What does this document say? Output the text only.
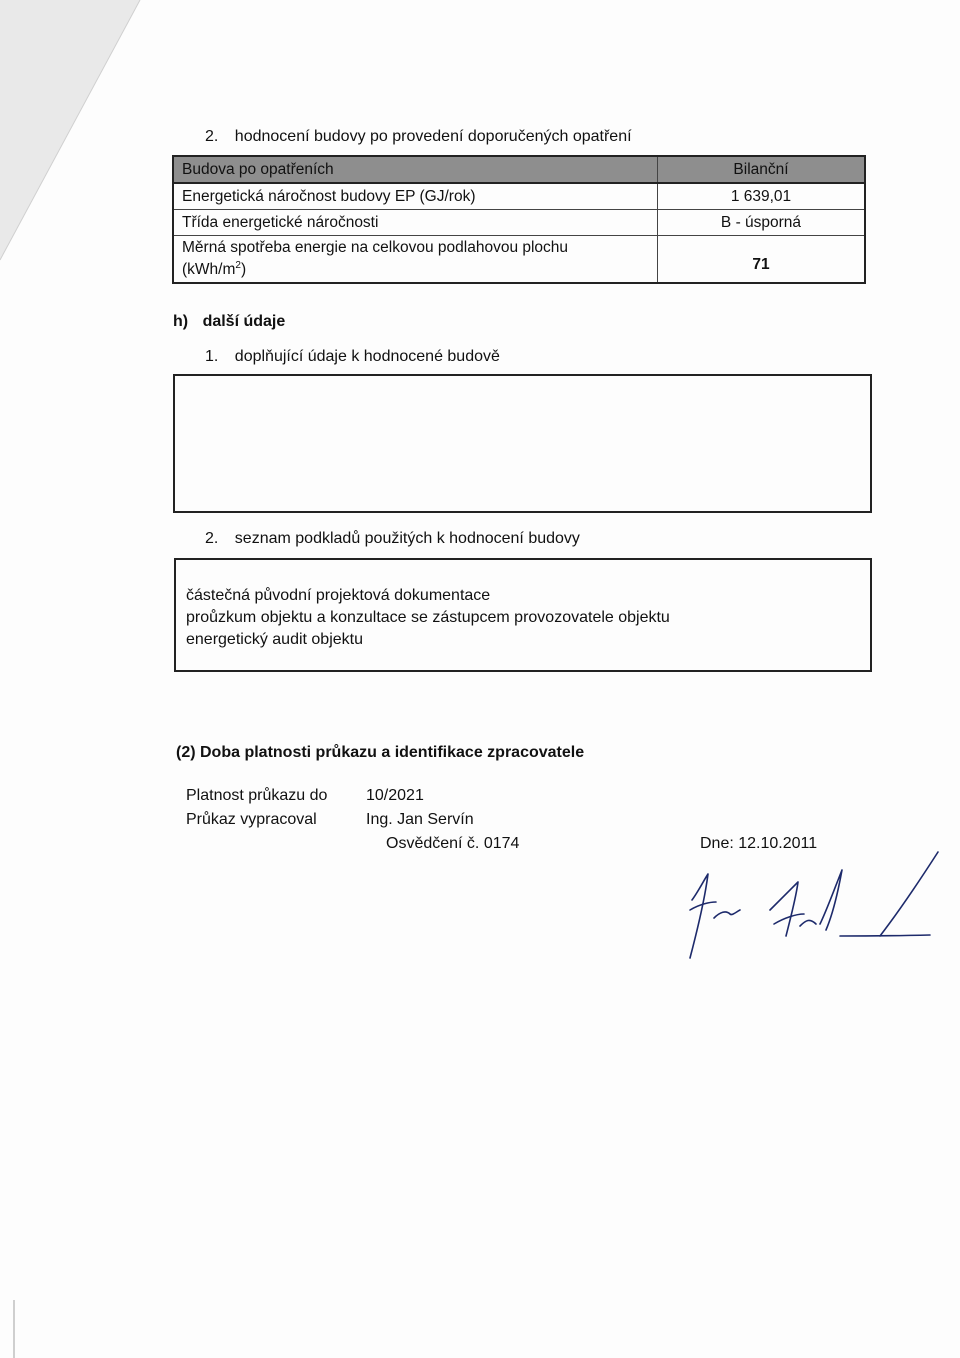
2. hodnocení budovy po provedení doporučených opatření
Budova po opatřeních	Bilanční
Energetická náročnost budovy EP (GJ/rok)	1 639,01
Třída energetické náročnosti	B - úsporná
Měrná spotřeba energie na celkovou podlahovou plochu
$(kWh/m^2)$	71
h) další údaje
1. doplňující údaje k hodnocené budově
2. seznam podkladů použitých k hodnocení budovy
částečná původní projektová dokumentace
proůzkum objektu a konzultace se zástupcem provozovatele objektu
energetický audit objektu
(2) Doba platnosti průkazu a identifikace zpracovatele
Platnost průkazu do 10/2021
Průkaz vypracoval	Ing. Jan Servín
Osvědčení č. 0174	Dne: 12.10.2011
